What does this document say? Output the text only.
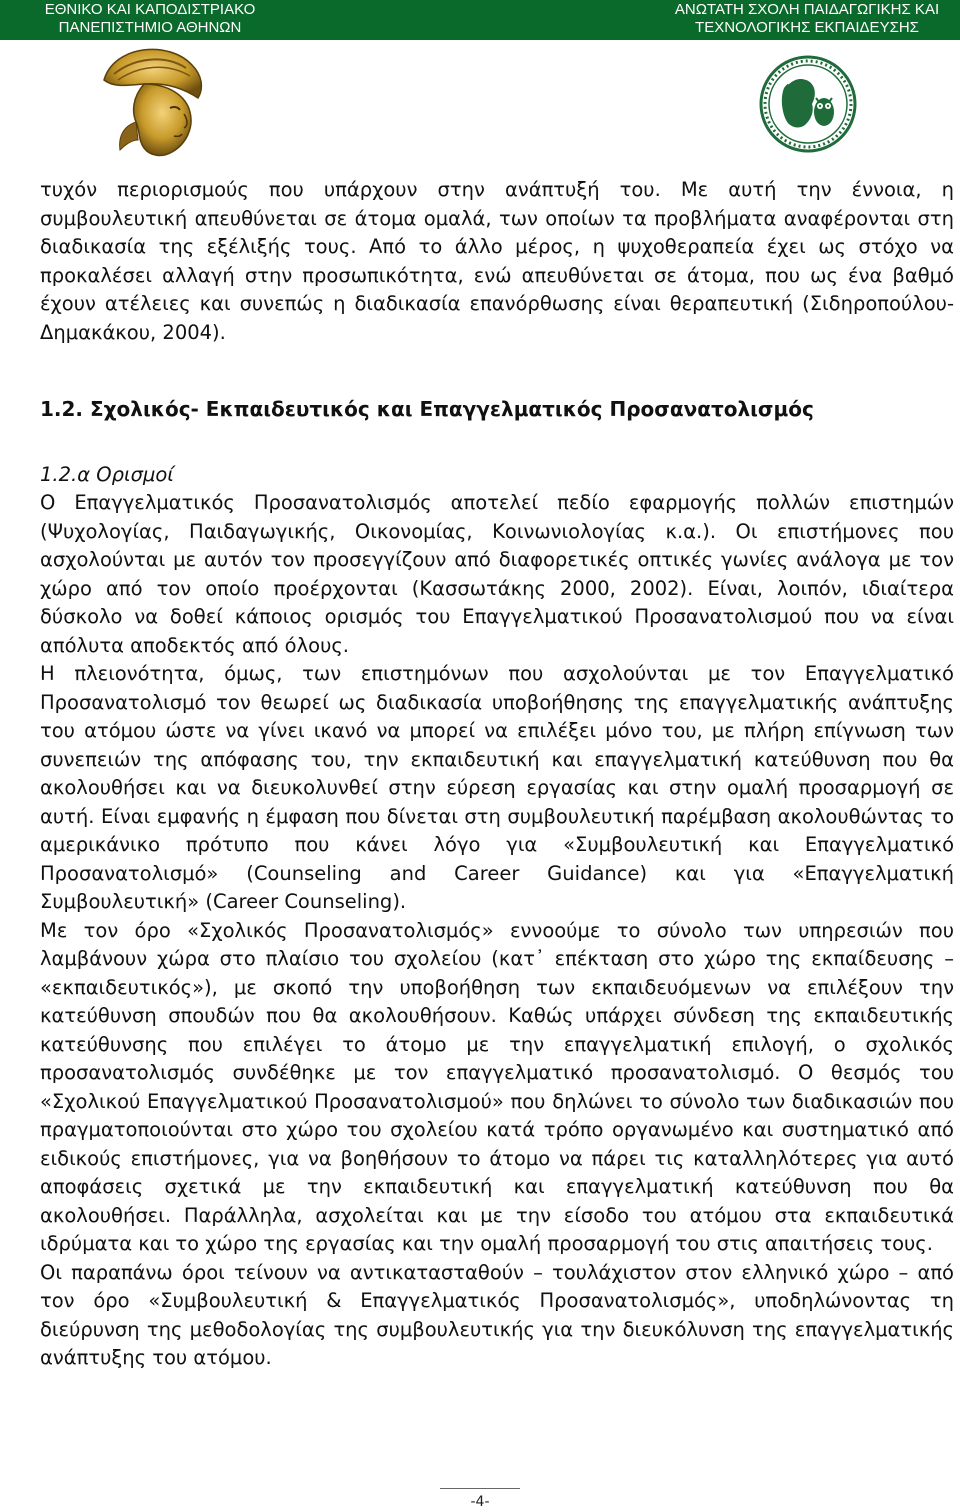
ΕΘΝΙΚΟ ΚΑΙ ΚΑΠΟΔΙΣΤΡΙΑΚΟ
ΠΑΝΕΠΙΣΤΗΜΙΟ ΑΘΗΝΩΝ
ΑΝΩΤΑΤΗ ΣΧΟΛΗ ΠΑΙΔΑΓΩΓΙΚΗΣ ΚΑΙ
ΤΕΧΝΟΛΟΓΙΚΗΣ ΕΚΠΑΙΔΕΥΣΗΣ

τυχόν περιορισμούς που υπάρχουν στην ανάπτυξή του. Με αυτή την έννοια, η συμβουλευτική απευθύνεται σε άτομα ομαλά, των οποίων τα προβλήματα αναφέρονται στη διαδικασία της εξέλιξής τους. Από το άλλο μέρος, η ψυχοθεραπεία έχει ως στόχο να προκαλέσει αλλαγή στην προσωπικότητα, ενώ απευθύνεται σε άτομα, που ως ένα βαθμό έχουν ατέλειες και συνεπώς η διαδικασία επανόρθωσης είναι θεραπευτική (Σιδηροπούλου-Δημακάκου, 2004).

1.2. Σχολικός- Εκπαιδευτικός και Επαγγελματικός Προσανατολισμός

1.2.α Ορισμοί

Ο Επαγγελματικός Προσανατολισμός αποτελεί πεδίο εφαρμογής πολλών επιστημών (Ψυχολογίας, Παιδαγωγικής, Οικονομίας, Κοινωνιολογίας κ.α.). Οι επιστήμονες που ασχολούνται με αυτόν τον προσεγγίζουν από διαφορετικές οπτικές γωνίες ανάλογα με τον χώρο από τον οποίο προέρχονται (Κασσωτάκης 2000, 2002). Είναι, λοιπόν, ιδιαίτερα δύσκολο να δοθεί κάποιος ορισμός του Επαγγελματικού Προσανατολισμού που να είναι απόλυτα αποδεκτός από όλους.

Η πλειονότητα, όμως, των επιστημόνων που ασχολούνται με τον Επαγγελματικό Προσανατολισμό τον θεωρεί ως διαδικασία υποβοήθησης της επαγγελματικής ανάπτυξης του ατόμου ώστε να γίνει ικανό να μπορεί να επιλέξει μόνο του, με πλήρη επίγνωση των συνεπειών της απόφασης του, την εκπαιδευτική και επαγγελματική κατεύθυνση που θα ακολουθήσει και να διευκολυνθεί στην εύρεση εργασίας και στην ομαλή προσαρμογή σε αυτή. Είναι εμφανής η έμφαση που δίνεται στη συμβουλευτική παρέμβαση ακολουθώντας το αμερικάνικο πρότυπο που κάνει λόγο για «Συμβουλευτική και Επαγγελματικό Προσανατολισμό» (Counseling and Career Guidance) και για «Επαγγελματική Συμβουλευτική» (Career Counseling).

Με τον όρο «Σχολικός Προσανατολισμός» εννοούμε το σύνολο των υπηρεσιών που λαμβάνουν χώρα στο πλαίσιο του σχολείου (κατ᾽ επέκταση στο χώρο της εκπαίδευσης – «εκπαιδευτικός»), με σκοπό την υποβοήθηση των εκπαιδευόμενων να επιλέξουν την κατεύθυνση σπουδών που θα ακολουθήσουν. Καθώς υπάρχει σύνδεση της εκπαιδευτικής κατεύθυνσης που επιλέγει το άτομο με την επαγγελματική επιλογή, ο σχολικός προσανατολισμός συνδέθηκε με τον επαγγελματικό προσανατολισμό. Ο θεσμός του «Σχολικού Επαγγελματικού Προσανατολισμού» που δηλώνει το σύνολο των διαδικασιών που πραγματοποιούνται στο χώρο του σχολείου κατά τρόπο οργανωμένο και συστηματικό από ειδικούς επιστήμονες, για να βοηθήσουν το άτομο να πάρει τις καταλληλότερες για αυτό αποφάσεις σχετικά με την εκπαιδευτική και επαγγελματική κατεύθυνση που θα ακολουθήσει. Παράλληλα, ασχολείται και με την είσοδο του ατόμου στα εκπαιδευτικά ιδρύματα και το χώρο της εργασίας και την ομαλή προσαρμογή του στις απαιτήσεις τους.

Οι παραπάνω όροι τείνουν να αντικατασταθούν – τουλάχιστον στον ελληνικό χώρο – από τον όρο «Συμβουλευτική & Επαγγελματικός Προσανατολισμός», υποδηλώνοντας τη διεύρυνση της μεθοδολογίας της συμβουλευτικής για την διευκόλυνση της επαγγελματικής ανάπτυξης του ατόμου.

-4-
